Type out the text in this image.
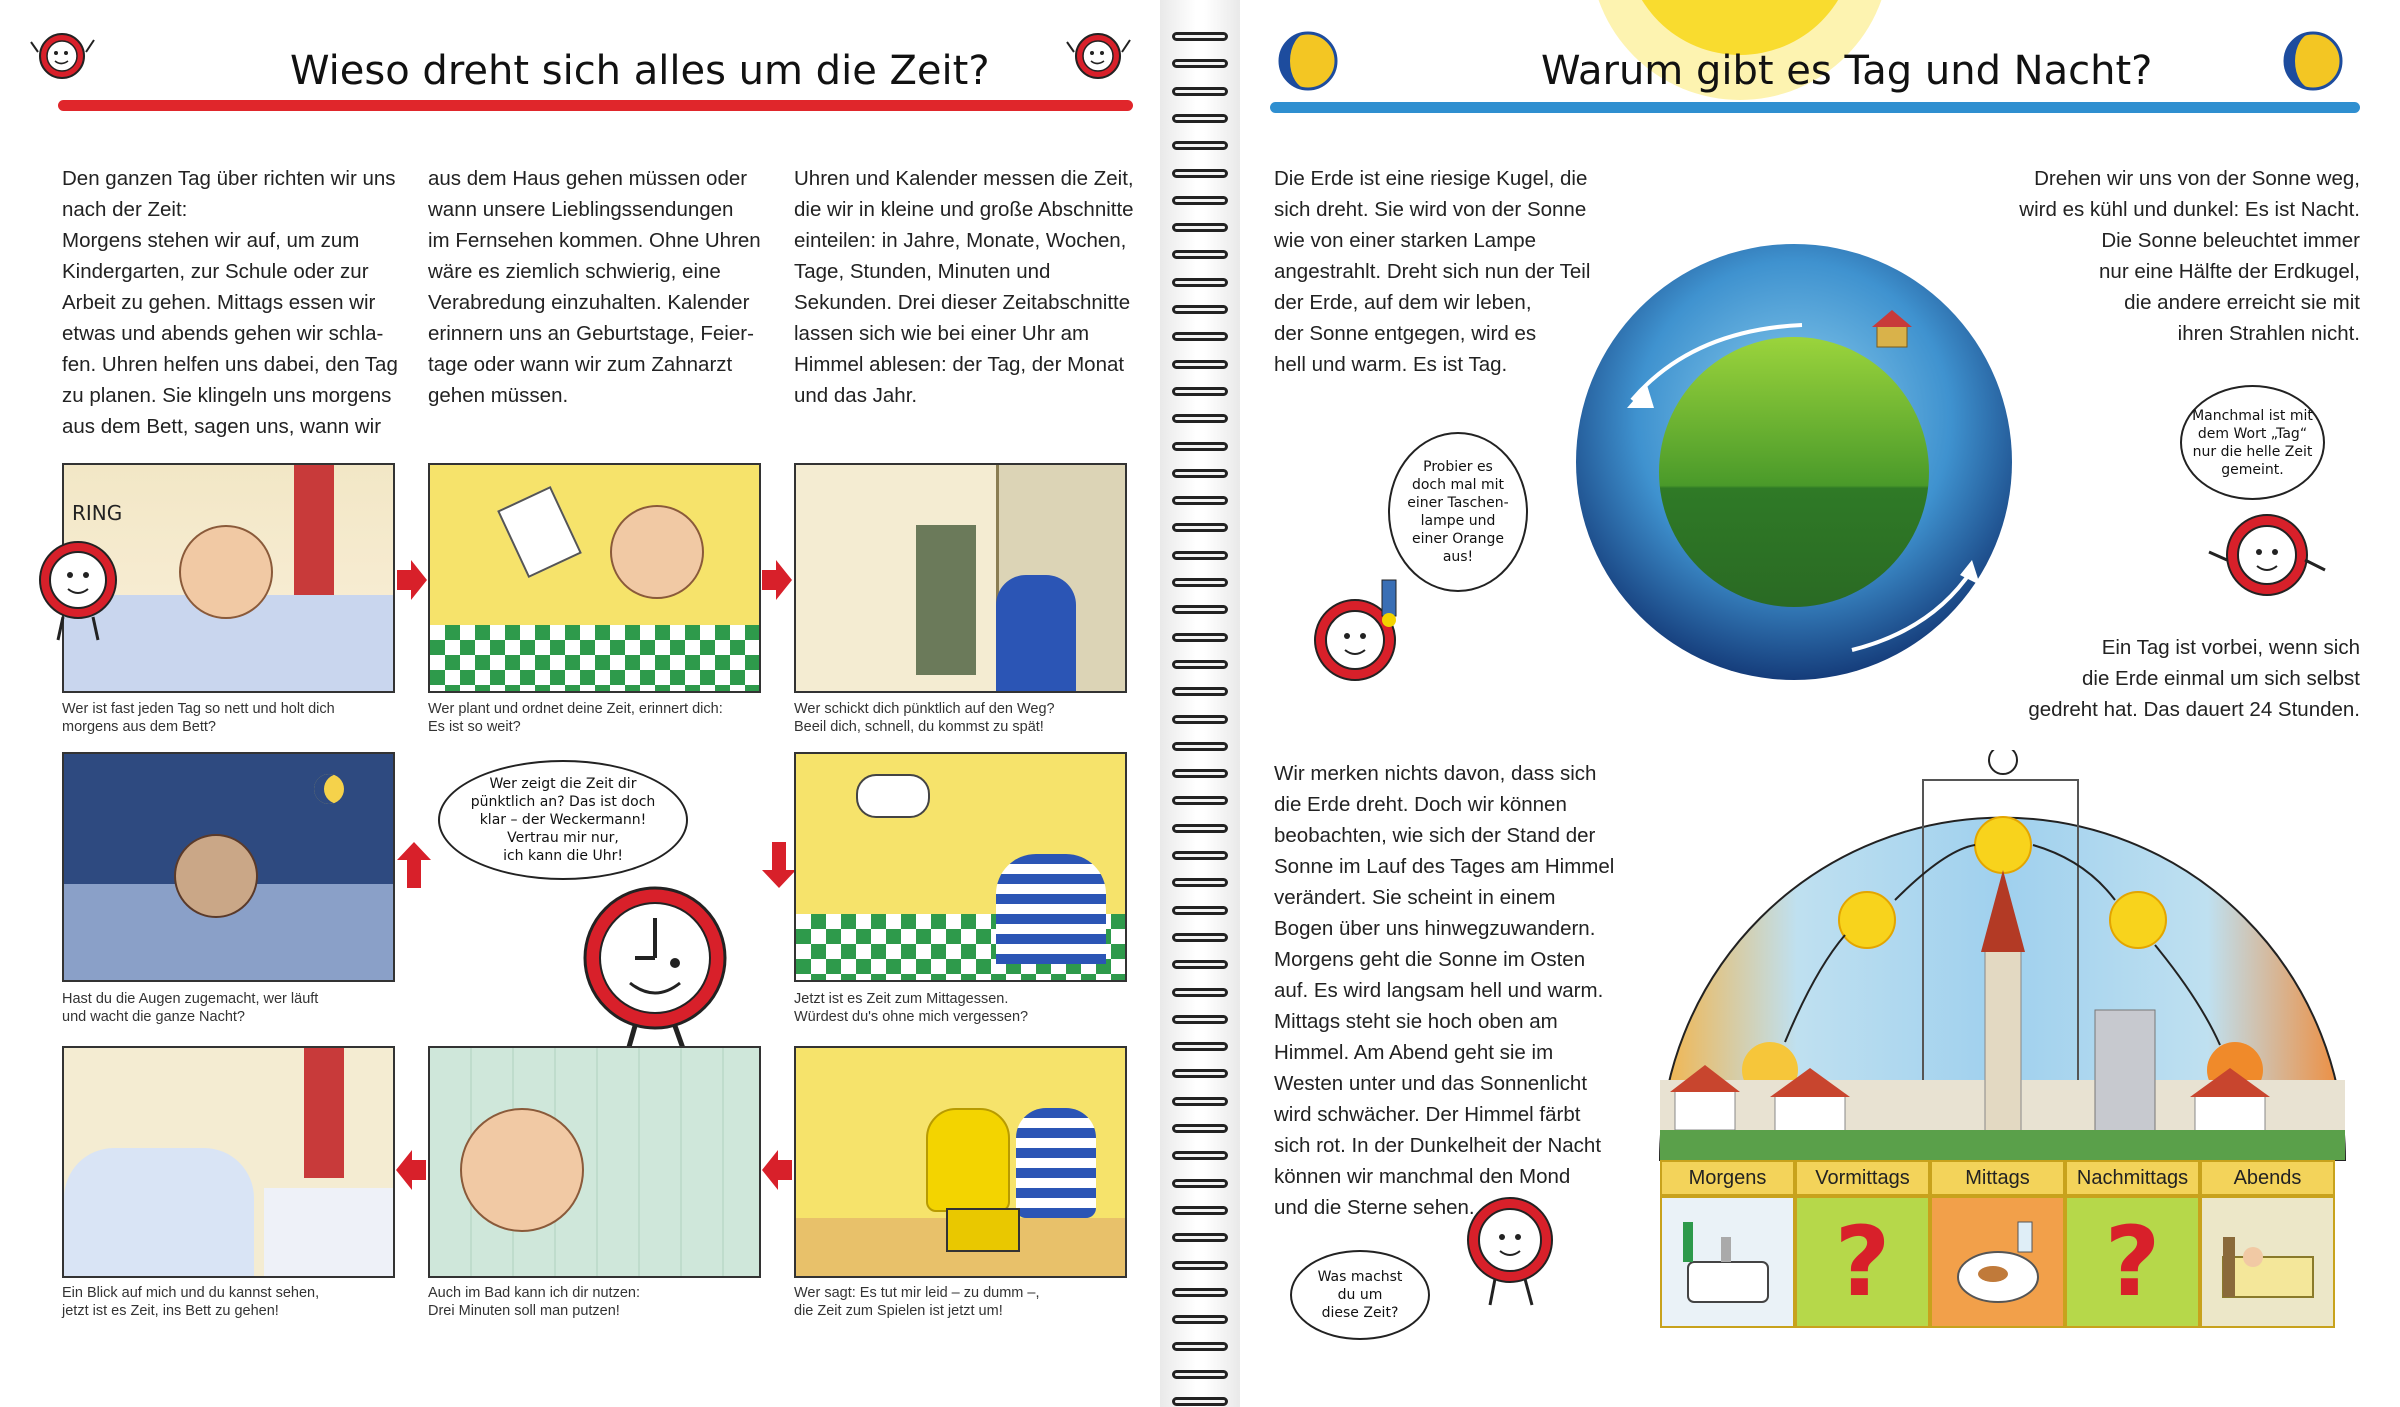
Wieso dreht sich alles um die Zeit?
Den ganzen Tag über richten wir uns
nach der Zeit:
Morgens stehen wir auf, um zum
Kindergarten, zur Schule oder zur
Arbeit zu gehen. Mittags essen wir
etwas und abends gehen wir schla-
fen. Uhren helfen uns dabei, den Tag
zu planen. Sie klingeln uns morgens
aus dem Bett, sagen uns, wann wir
aus dem Haus gehen müssen oder
wann unsere Lieblingssendungen
im Fernsehen kommen. Ohne Uhren
wäre es ziemlich schwierig, eine
Verabredung einzuhalten. Kalender
erinnern uns an Geburtstage, Feier-
tage oder wann wir zum Zahnarzt
gehen müssen.
Uhren und Kalender messen die Zeit,
die wir in kleine und große Abschnitte
einteilen: in Jahre, Monate, Wochen,
Tage, Stunden, Minuten und
Sekunden. Drei dieser Zeitabschnitte
lassen sich wie bei einer Uhr am
Himmel ablesen: der Tag, der Monat
und das Jahr.
RING
Wer ist fast jeden Tag so nett und holt dich
morgens aus dem Bett?
Wer plant und ordnet deine Zeit, erinnert dich:
Es ist so weit?
Wer schickt dich pünktlich auf den Weg?
Beeil dich, schnell, du kommst zu spät!
Hast du die Augen zugemacht, wer läuft
und wacht die ganze Nacht?
Wer zeigt die Zeit dir
pünktlich an? Das ist doch
klar – der Weckermann!
Vertrau mir nur,
ich kann die Uhr!
Jetzt ist es Zeit zum Mittagessen.
Würdest du's ohne mich vergessen?
Ein Blick auf mich und du kannst sehen,
jetzt ist es Zeit, ins Bett zu gehen!
Auch im Bad kann ich dir nutzen:
Drei Minuten soll man putzen!
Wer sagt: Es tut mir leid – zu dumm –,
die Zeit zum Spielen ist jetzt um!
Warum gibt es Tag und Nacht?
Die Erde ist eine riesige Kugel, die
sich dreht. Sie wird von der Sonne
wie von einer starken Lampe
angestrahlt. Dreht sich nun der Teil
der Erde, auf dem wir leben,
der Sonne entgegen, wird es
hell und warm. Es ist Tag.
Drehen wir uns von der Sonne weg,
wird es kühl und dunkel: Es ist Nacht.
Die Sonne beleuchtet immer
nur eine Hälfte der Erdkugel,
die andere erreicht sie mit
ihren Strahlen nicht.
Probier es
doch mal mit
einer Taschen-
lampe und
einer Orange
aus!
Manchmal ist mit
dem Wort „Tag“
nur die helle Zeit
gemeint.
Ein Tag ist vorbei, wenn sich
die Erde einmal um sich selbst
gedreht hat. Das dauert 24 Stunden.
Wir merken nichts davon, dass sich
die Erde dreht. Doch wir können
beobachten, wie sich der Stand der
Sonne im Lauf des Tages am Himmel
verändert. Sie scheint in einem
Bogen über uns hinwegzuwandern.
Morgens geht die Sonne im Osten
auf. Es wird langsam hell und warm.
Mittags steht sie hoch oben am
Himmel. Am Abend geht sie im
Westen unter und das Sonnenlicht
wird schwächer. Der Himmel färbt
sich rot. In der Dunkelheit der Nacht
können wir manchmal den Mond
und die Sterne sehen.
Was machst
du um
diese Zeit?
Morgens	Vormittags	Mittags	Nachmittags	Abends
? ?
